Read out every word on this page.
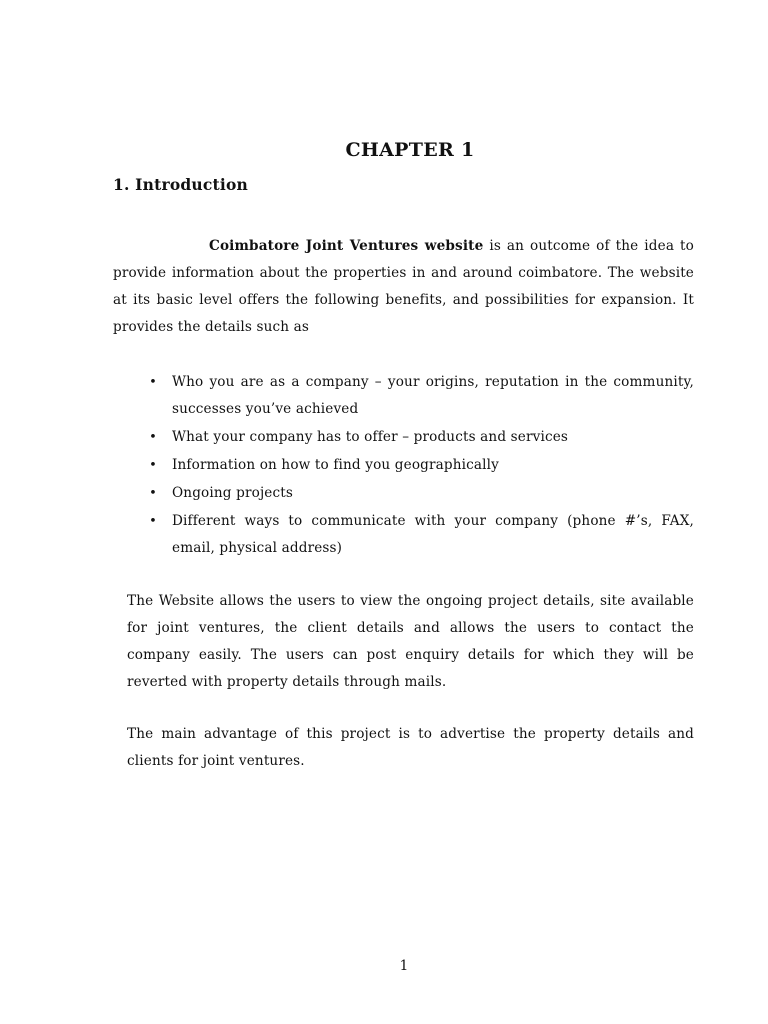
CHAPTER 1
1. Introduction

Coimbatore Joint Ventures website is an outcome of the idea to provide information about the properties in and around coimbatore. The website at its basic level offers the following benefits, and possibilities for expansion. It provides the details such as

• Who you are as a company – your origins, reputation in the community, successes you’ve achieved
• What your company has to offer – products and services
• Information on how to find you geographically
• Ongoing projects
• Different ways to communicate with your company (phone #’s, FAX, email, physical address)

The Website allows the users to view the ongoing project details, site available for joint ventures, the client details and allows the users to contact the company easily. The users can post enquiry details for which they will be reverted with property details through mails.

The main advantage of this project is to advertise the property details and clients for joint ventures.

1
